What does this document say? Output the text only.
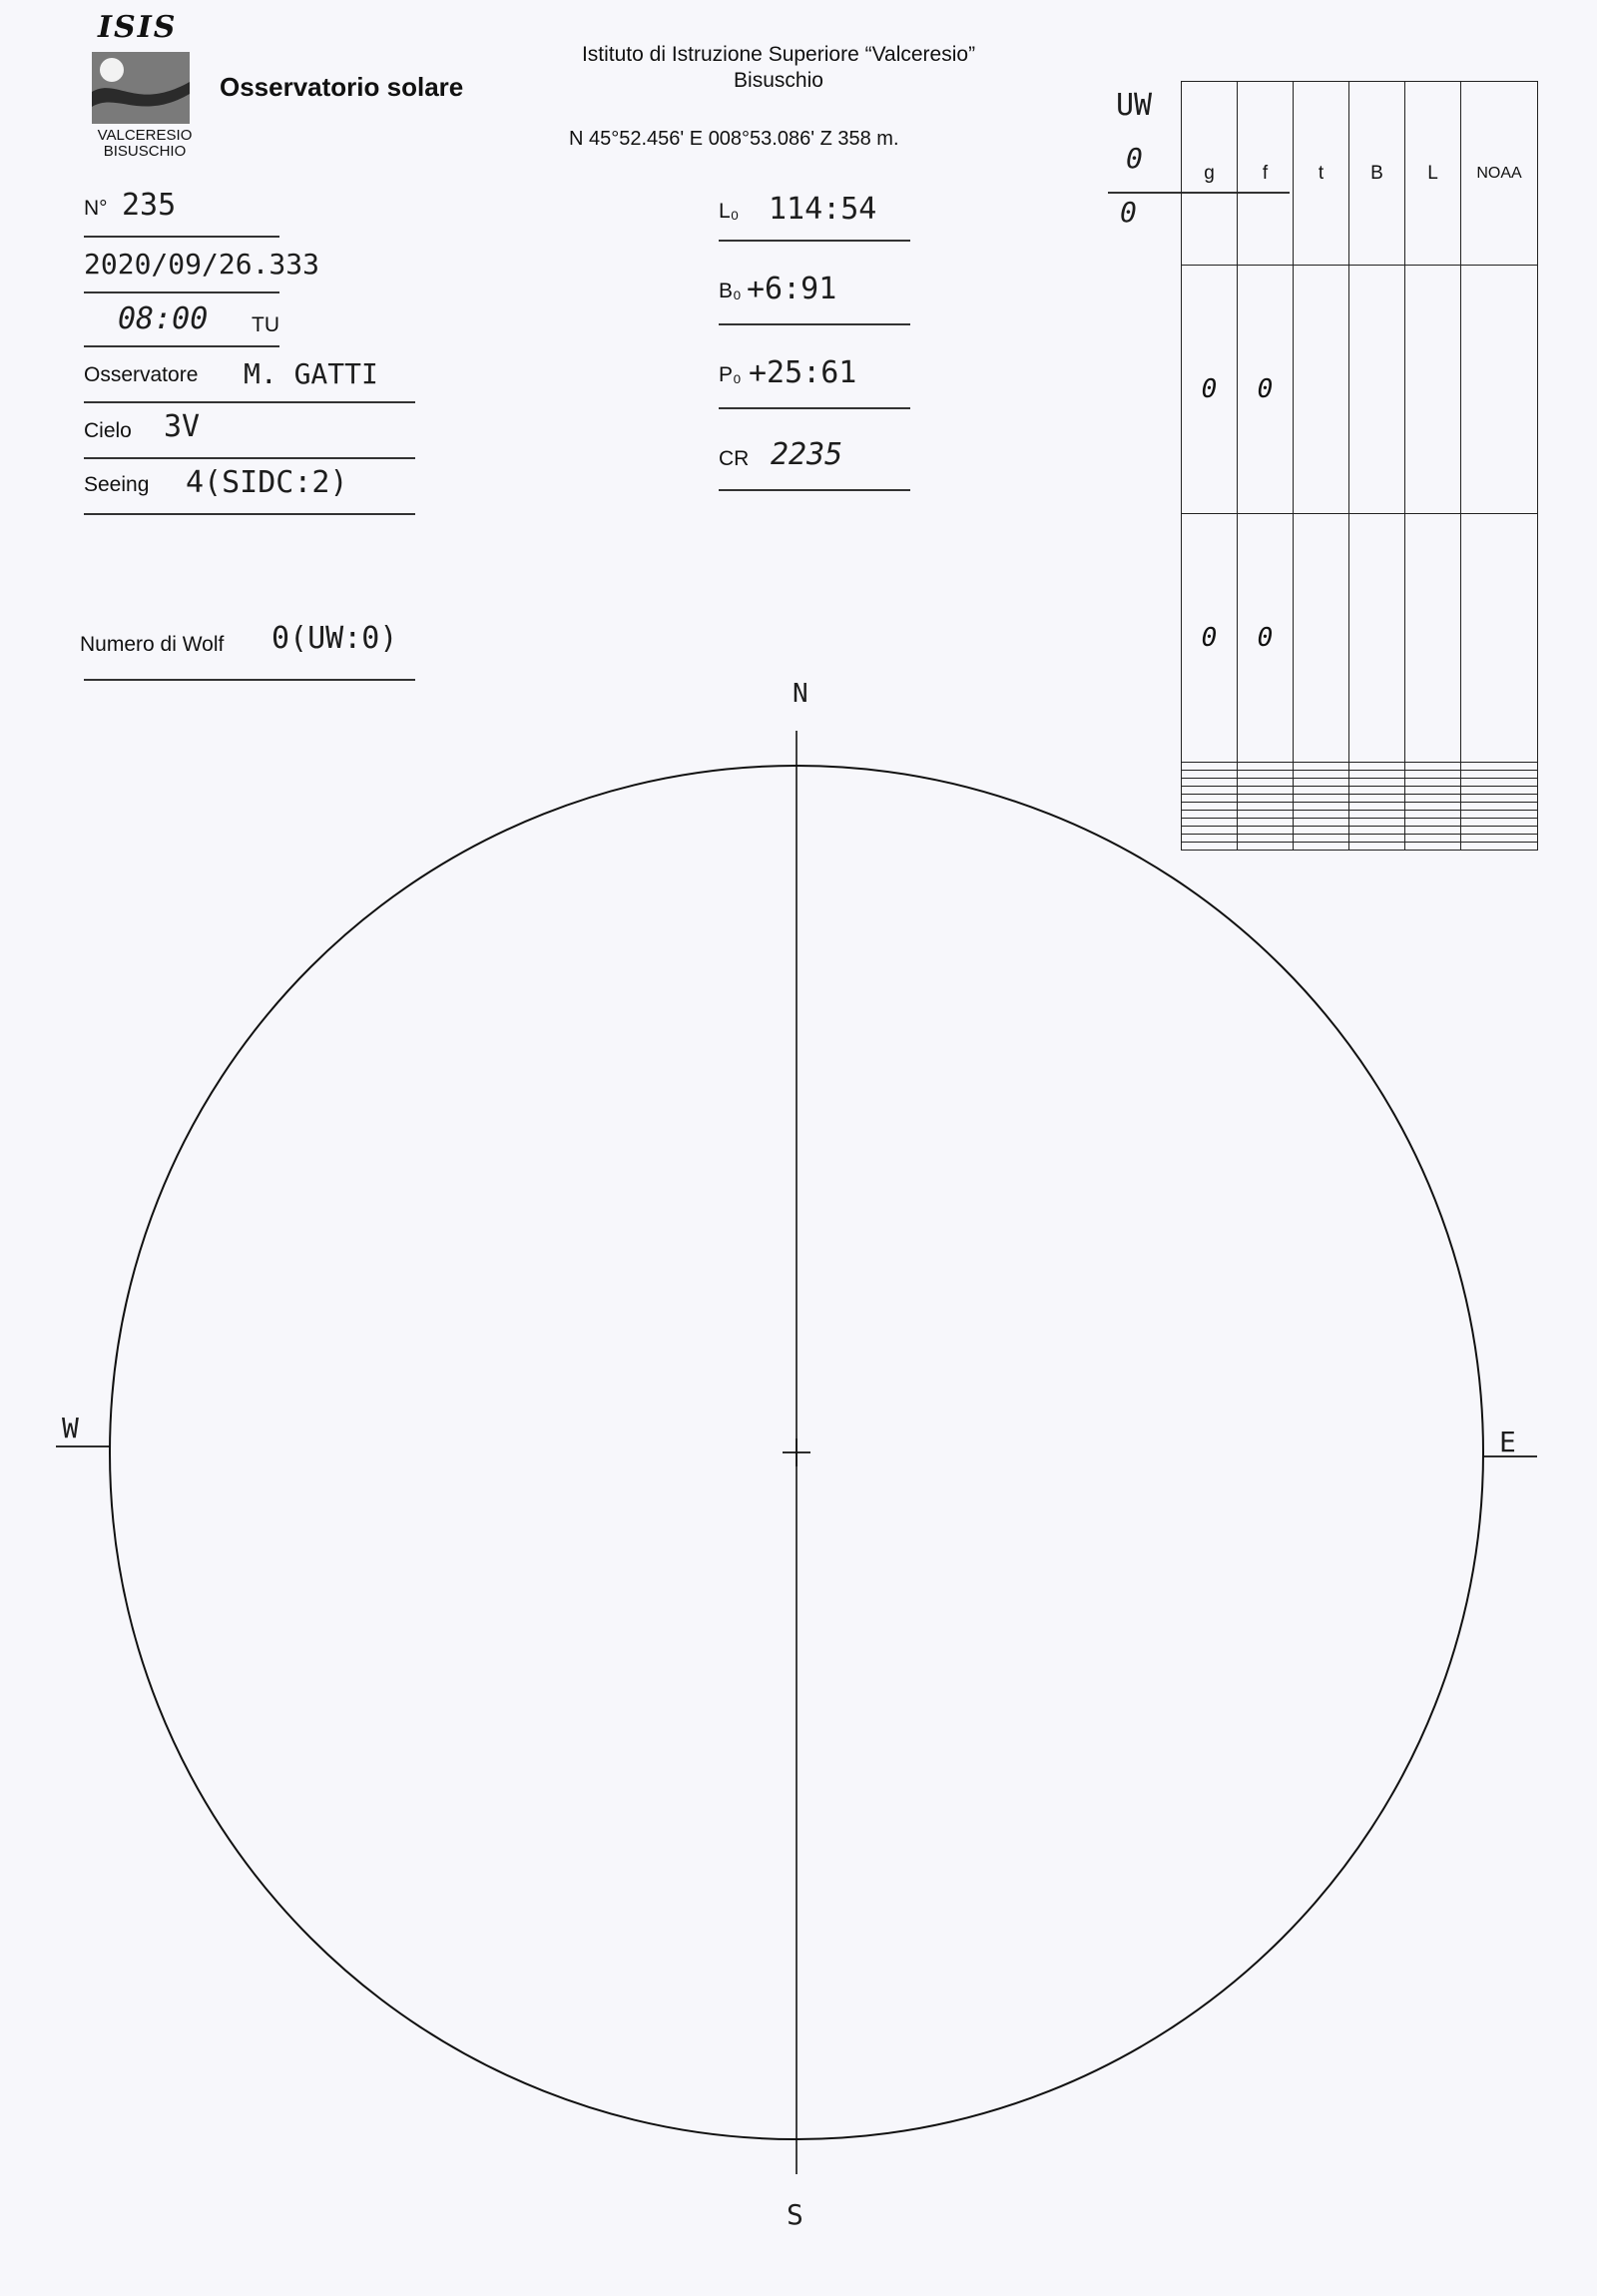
ISIS
VALCERESIO
BISUSCHIO
Osservatorio solare
Istituto di Istruzione Superiore “Valceresio”
Bisuschio
N 45°52.456' E 008°53.086' Z 358 m.
N° 235
2020/09/26.333
08:00 TU
Osservatore M. GATTI
Cielo 3V
Seeing 4(SIDC:2)
Numero di Wolf 0(UW:0)
L₀ 114:54
B₀ +6:91
P₀ +25:61
CR 2235
UW
0
0
g	f	t	B	L	NOAA
0	0				
0	0				

N
S
E
W
